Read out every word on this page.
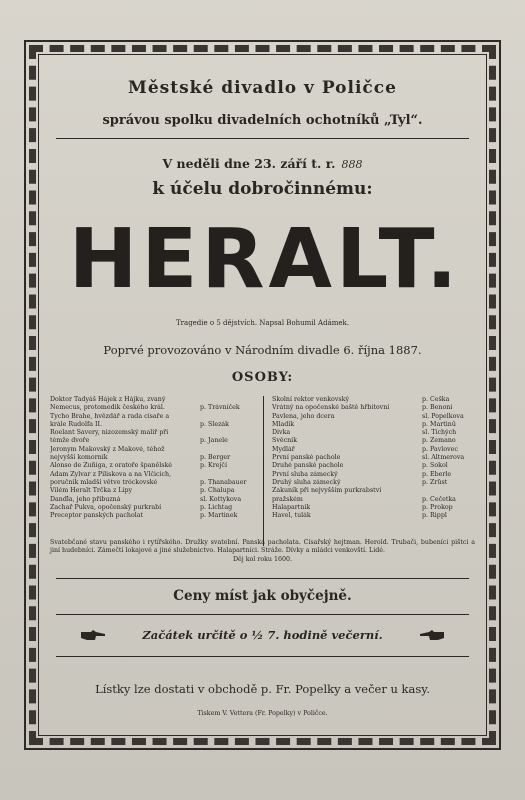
Městské divadlo v Poličce
správou spolku divadelních ochotníků „Tyl“.
V neděli dne 23. září t. r. 888
k účelu dobročinnému:
HERALT.
Tragedie o 5 dějstvích. Napsal Bohumil Adámek.
Poprvé provozováno v Národním divadle 6. října 1887.
OSOBY:
Doktor Tadyáš Hájek z Hájku, zvaný
Nemecus, protomedik českého král.	p. Trávníček
Tycho Brahe, hvězdář a rada císaře a
krále Rudolfa II.	p. Slezák
Roelant Savery, nizozemský malíř při
témže dvoře	p. Janele
Jeronym Makovský z Makové, téhož
nejvyšší komorník	p. Berger
Alonso de Zuñiga, z oratoře španělské	p. Krejčí
Adam Zylvar z Piliskova a na Vlčicích,
poručník mladší větve tróckovské	p. Thanabauer
Vilém Heralt Trčka z Lipy	p. Chalupa
Danďla, jeho příbuzná	sl. Kottykova
Zachař Pukva, opočenský purkrabí	p. Lichtag
Preceptor panských pacholat	p. Martinek
Školní rektor venkovský	p. Češka
Vrátný na opočenské baště hřbitovní	p. Benoni
Pavlena, jeho dcera	sl. Popelkova
Mladík	p. Martinů
Dívka	sl. Tichých
Svěcník	p. Zemano
Mydlář	p. Pavlovec
První panské pachole	sl. Altmerova
Druhé panské pachole	p. Sokol
První sluha zámecký	p. Eberle
Druhý sluha zámecký	p. Zrůst
Zakuník při nejvyšším purkrabství
pražském	p. Čečetka
Halapartník	p. Prokop
Havel, tulák	p. Rippl
Svatebčané stavu panského i rytířského. Družky svatební. Panská pacholata. Císařský hejtman. Herold. Trubači, bubeníci pištci a jiní hudebníci. Zámečtí lokajové a jiné služebnictvo. Halapartníci. Stráže. Dívky a mládci venkovští. Lidé.
Děj kol roku 1600.
Ceny míst jak obyčejně.
Začátek určitě o ½ 7. hodině večerní.
Lístky lze dostati v obchodě p. Fr. Popelky a večer u kasy.
Tiskem V. Vettera (Fr. Popelky) v Poličce.
